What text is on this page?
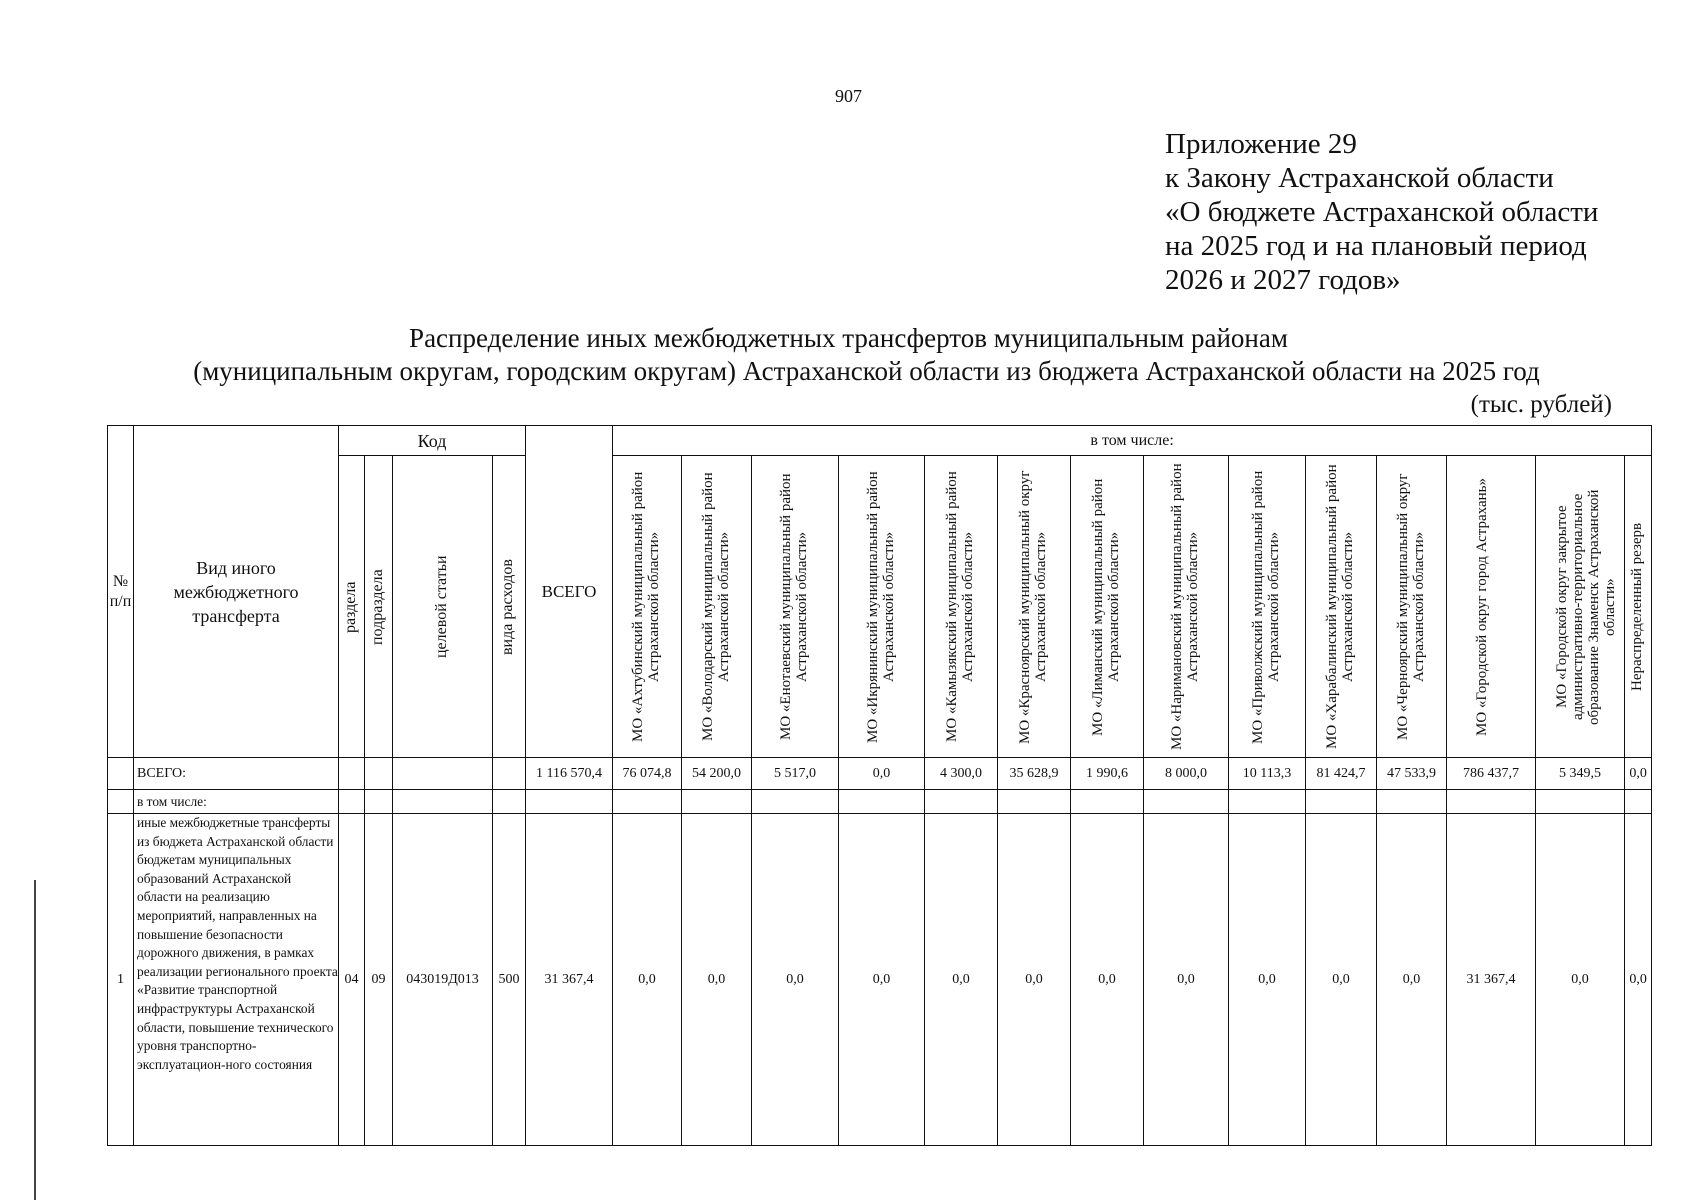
907
Приложение 29
к Закону Астраханской области
«О бюджете Астраханской области
на 2025 год и на плановый период
2026 и 2027 годов»
Распределение иных межбюджетных трансфертов муниципальным районам
(муниципальным округам, городским округам) Астраханской области из бюджета Астраханской области на 2025 год
(тыс. рублей)
№ п/п	Вид иного межбюджетного трансферта	Код				ВСЕГО	в том числе:													

		раздела	подраздела	целевой статьи	вида расходов		МО «Ахтубинский муниципальный район Астраханской области»	МО «Володарский муниципальный район Астраханской области»	МО «Енотаевский муниципальный район Астраханской области»	МО «Икрянинский муниципальный район Астраханской области»	МО «Камызякский муниципальный район Астраханской области»	МО «Красноярский муниципальный округ Астраханской области»	МО «Лиманский муниципальный район Астраханской области»	МО «Наримановский муниципальный район Астраханской области»	МО «Приволжский муниципальный район Астраханской области»	МО «Харабалинский муниципальный район Астраханской области»	МО «Черноярский муниципальный округ Астраханской области»	МО «Городской округ город Астрахань»	МО «Городской округ закрытое административно-территориальное образование Знаменск Астраханской области»	Нераспределенный резерв

	ВСЕГО:					1 116 570,4	76 074,8	54 200,0	5 517,0	0,0	4 300,0	35 628,9	1 990,6	8 000,0	10 113,3	81 424,7	47 533,9	786 437,7	5 349,5	0,0
	в том числе:																			
1	иные межбюджетные трансферты из бюджета Астраханской области бюджетам муниципальных образований Астраханской области на реализацию мероприятий, направленных на повышение безопасности дорожного движения, в рамках реализации регионального проекта «Развитие транспортной инфраструктуры Астраханской области, повышение технического уровня транспортно-эксплуатацион-ного состояния	04	09	043019Д013	500	31 367,4	0,0	0,0	0,0	0,0	0,0	0,0	0,0	0,0	0,0	0,0	0,0	31 367,4	0,0	0,0
